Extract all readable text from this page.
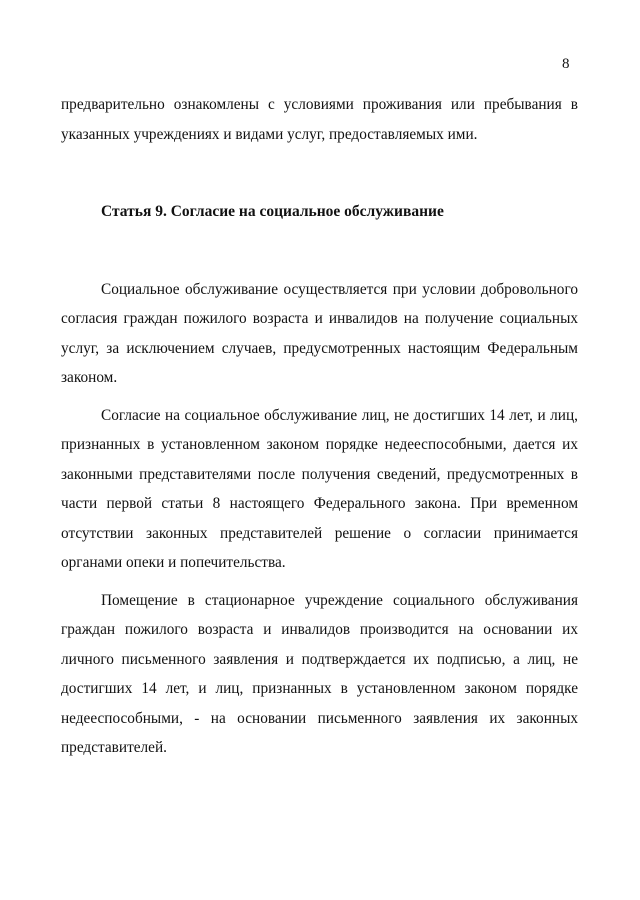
8

предварительно ознакомлены с условиями проживания или пребывания в указанных учреждениях и видами услуг, предоставляемых ими.

Статья 9. Согласие на социальное обслуживание

Социальное обслуживание осуществляется при условии добровольного согласия граждан пожилого возраста и инвалидов на получение социальных услуг, за исключением случаев, предусмотренных настоящим Федеральным законом.

Согласие на социальное обслуживание лиц, не достигших 14 лет, и лиц, признанных в установленном законом порядке недееспособными, дается их законными представителями после получения сведений, предусмотренных в части первой статьи 8 настоящего Федерального закона. При временном отсутствии законных представителей решение о согласии принимается органами опеки и попечительства.

Помещение в стационарное учреждение социального обслуживания граждан пожилого возраста и инвалидов производится на основании их личного письменного заявления и подтверждается их подписью, а лиц, не достигших 14 лет, и лиц, признанных в установленном законом порядке недееспособными, - на основании письменного заявления их законных представителей.
